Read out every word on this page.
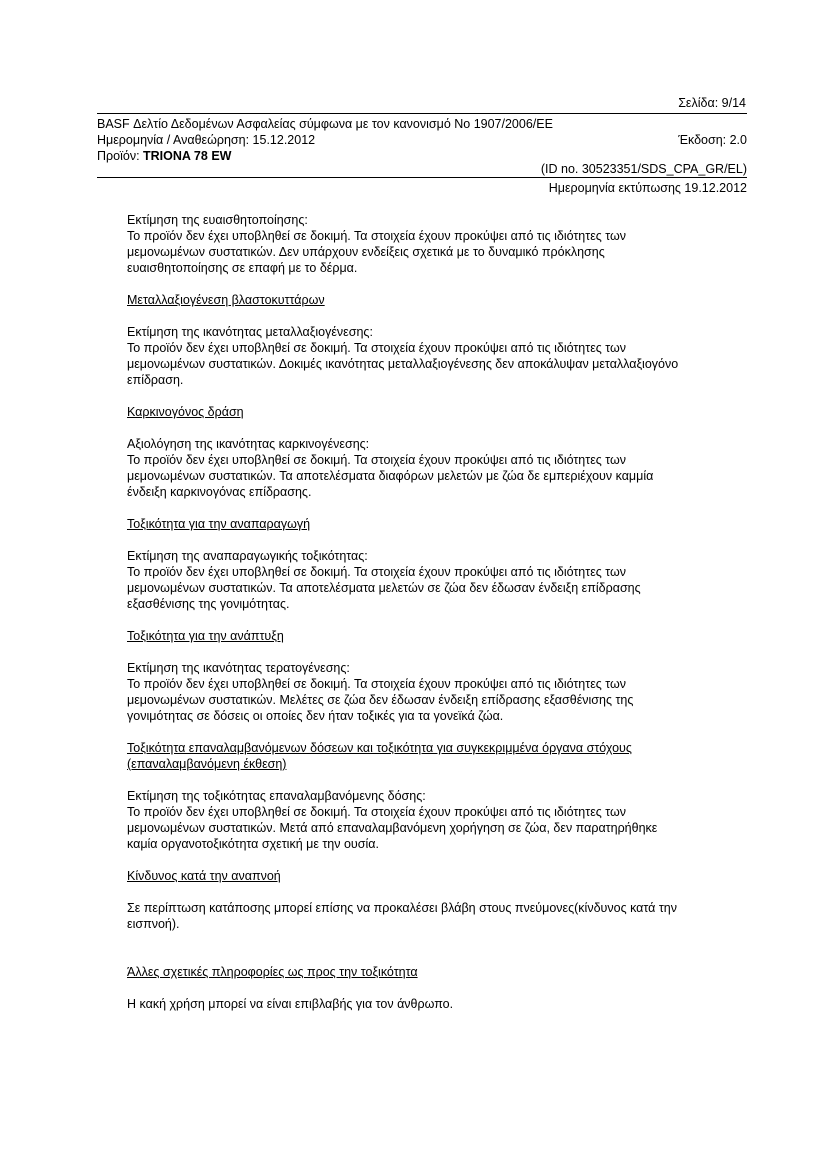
Σελίδα: 9/14
BASF Δελτίο Δεδομένων Ασφαλείας σύμφωνα με τον κανονισμό Νο 1907/2006/ΕΕ
Ημερομηνία / Αναθεώρηση: 15.12.2012	Έκδοση: 2.0
Προϊόν: TRIONA 78 EW
(ID no. 30523351/SDS_CPA_GR/EL)
Ημερομηνία εκτύπωσης 19.12.2012

Εκτίμηση της ευαισθητοποίησης:

Το προϊόν δεν έχει υποβληθεί σε δοκιμή. Τα στοιχεία έχουν προκύψει από τις ιδιότητες των

μεμονωμένων συστατικών. Δεν υπάρχουν ενδείξεις σχετικά με το δυναμικό πρόκλησης

ευαισθητοποίησης σε επαφή με το δέρμα.

Μεταλλαξιογένεση βλαστοκυττάρων

Εκτίμηση της ικανότητας μεταλλαξιογένεσης:

Το προϊόν δεν έχει υποβληθεί σε δοκιμή. Τα στοιχεία έχουν προκύψει από τις ιδιότητες των

μεμονωμένων συστατικών. Δοκιμές ικανότητας μεταλλαξιογένεσης δεν αποκάλυψαν μεταλλαξιογόνο

επίδραση.

Καρκινογόνος δράση

Αξιολόγηση της ικανότητας καρκινογένεσης:

Το προϊόν δεν έχει υποβληθεί σε δοκιμή. Τα στοιχεία έχουν προκύψει από τις ιδιότητες των

μεμονωμένων συστατικών. Τα αποτελέσματα διαφόρων μελετών με ζώα δε εμπεριέχουν καμμία

ένδειξη καρκινογόνας επίδρασης.

Τοξικότητα για την αναπαραγωγή

Εκτίμηση της αναπαραγωγικής τοξικότητας:

Το προϊόν δεν έχει υποβληθεί σε δοκιμή. Τα στοιχεία έχουν προκύψει από τις ιδιότητες των

μεμονωμένων συστατικών. Τα αποτελέσματα μελετών σε ζώα δεν έδωσαν ένδειξη επίδρασης

εξασθένισης της γονιμότητας.

Τοξικότητα για την ανάπτυξη

Εκτίμηση της ικανότητας τερατογένεσης:

Το προϊόν δεν έχει υποβληθεί σε δοκιμή. Τα στοιχεία έχουν προκύψει από τις ιδιότητες των

μεμονωμένων συστατικών. Μελέτες σε ζώα δεν έδωσαν ένδειξη επίδρασης εξασθένισης της

γονιμότητας σε δόσεις οι οποίες δεν ήταν τοξικές για τα γονεϊκά ζώα.

Τοξικότητα επαναλαμβανόμενων δόσεων και τοξικότητα για συγκεκριμμένα όργανα στόχους

(επαναλαμβανόμενη έκθεση)

Εκτίμηση της τοξικότητας επαναλαμβανόμενης δόσης:

Το προϊόν δεν έχει υποβληθεί σε δοκιμή. Τα στοιχεία έχουν προκύψει από τις ιδιότητες των

μεμονωμένων συστατικών. Μετά από επαναλαμβανόμενη χορήγηση σε ζώα, δεν παρατηρήθηκε

καμία οργανοτοξικότητα σχετική με την ουσία.

Κίνδυνος κατά την αναπνοή

Σε περίπτωση κατάποσης μπορεί επίσης να προκαλέσει βλάβη στους πνεύμονες(κίνδυνος κατά την

εισπνοή).

Άλλες σχετικές πληροφορίες ως προς την τοξικότητα

Η κακή χρήση μπορεί να είναι επιβλαβής για τον άνθρωπο.
